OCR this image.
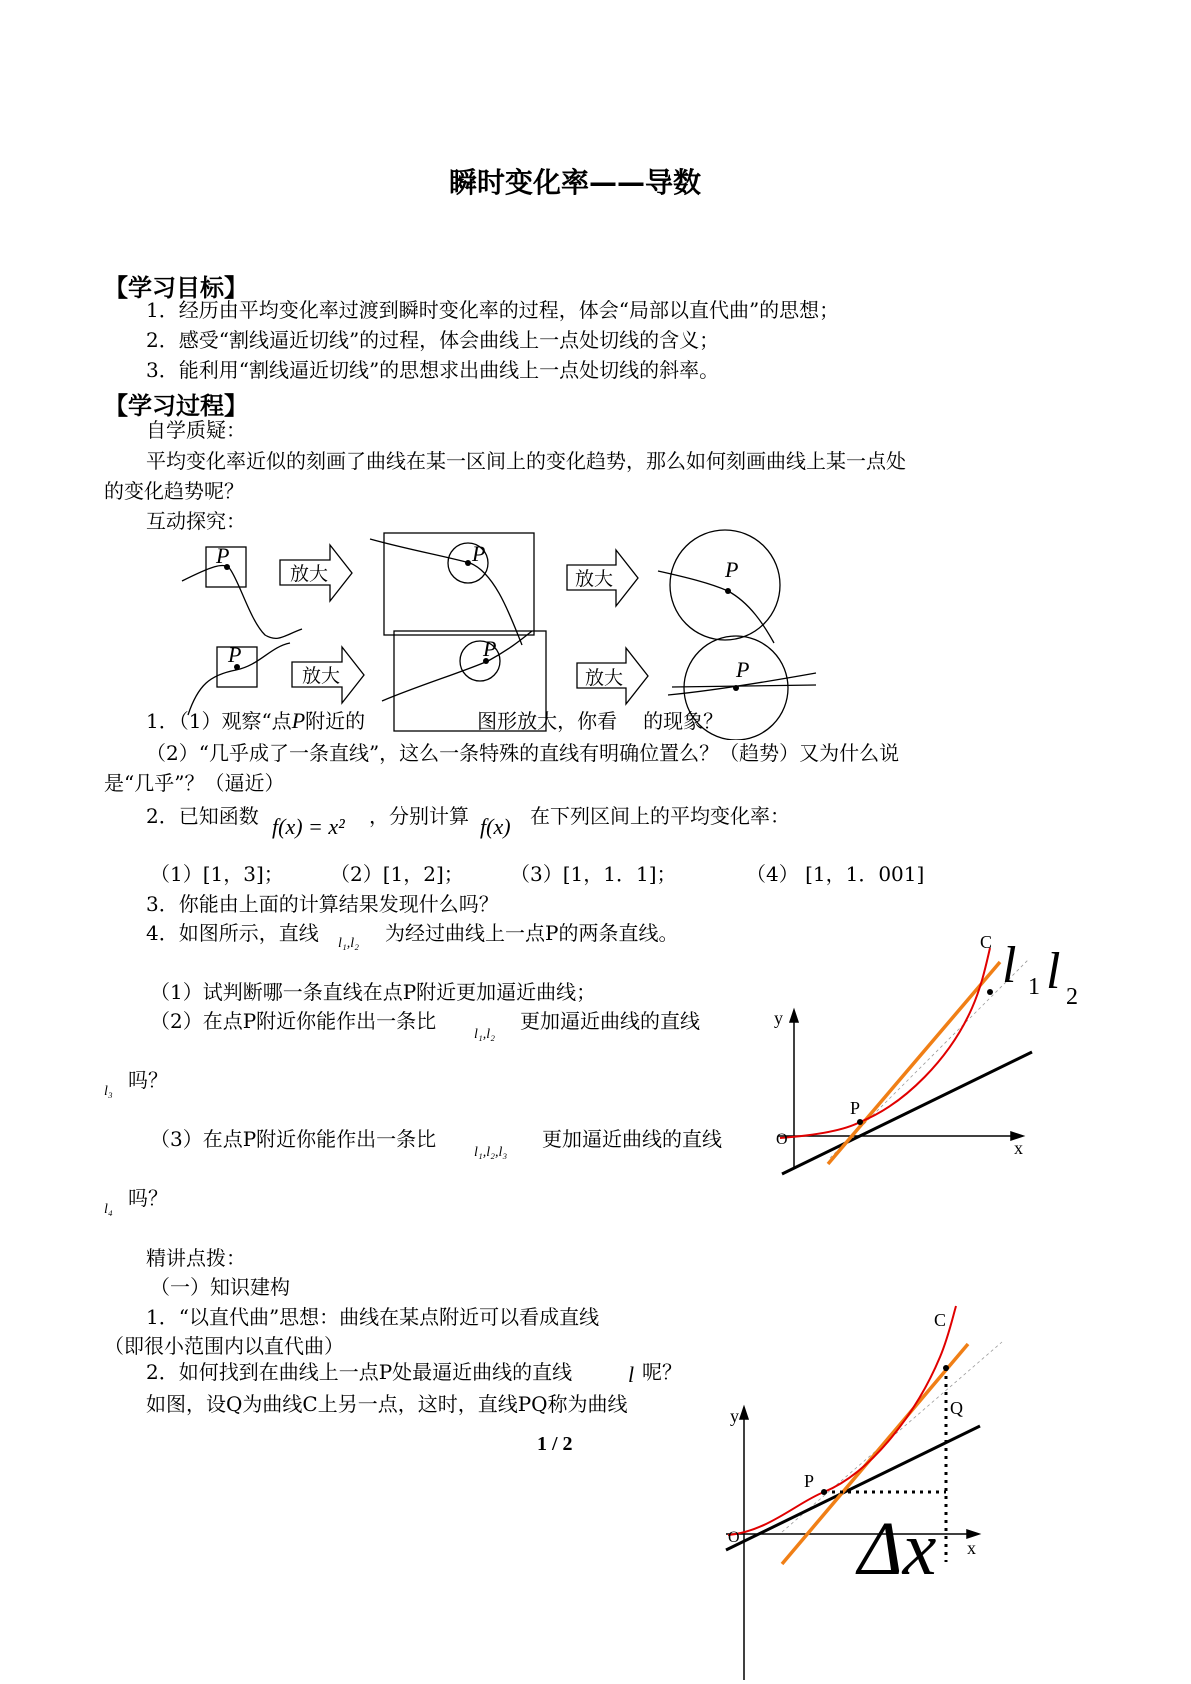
瞬时变化率——导数
【学习目标】
1．经历由平均变化率过渡到瞬时变化率的过程，体会“局部以直代曲”的思想；
2．感受“割线逼近切线”的过程，体会曲线上一点处切线的含义；
3．能利用“割线逼近切线”的思想求出曲线上一点处切线的斜率。
【学习过程】
自学质疑：
平均变化率近似的刻画了曲线在某一区间上的变化趋势，那么如何刻画曲线上某一点处
的变化趋势呢？
互动探究：
P	P
P
P	P
P
放大	放大
放大	放大
1．（1）观察“点P附近的	图形放大，你看 的现象？
（2）“几乎成了一条直线”，这么一条特殊的直线有明确位置么？（趋势）又为什么说
是“几乎”？（逼近）
2．已知函数 f(x) = x² ，分别计算 f(x) 在下列区间上的平均变化率：
（1）[1，3]； （2）[1，2]； （3）[1，1．1]；	（4） [1，1．001]
3．你能由上面的计算结果发现什么吗？
4．如图所示，直线 l₁,l₂ 为经过曲线上一点P的两条直线。
（1）试判断哪一条直线在点P附近更加逼近曲线；
（2）在点P附近你能作出一条比
l₁,l₂
更加逼近曲线的直线
l₃ 吗？
（3）在点P附近你能作出一条比
l₁,l₂,l₃
更加逼近曲线的直线
l₄ 吗？
C
y
x
O
P
l 1 l 2
精讲点拨：
（一）知识建构
1．“以直代曲”思想：曲线在某点附近可以看成直线
（即很小范围内以直代曲）
2．如何找到在曲线上一点P处最逼近曲线的直线	l 呢？
如图，设Q为曲线C上另一点，这时，直线PQ称为曲线
1 / 2
C
y
x
O
P
Q
Δx
